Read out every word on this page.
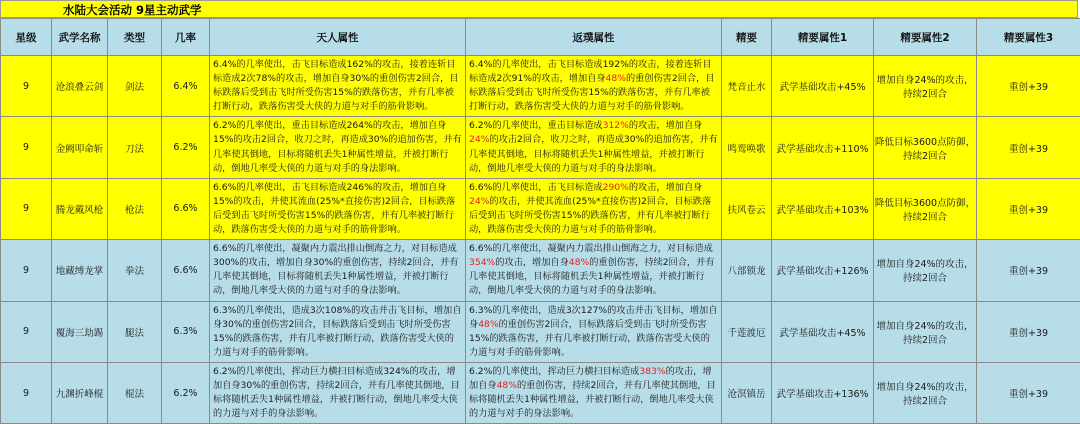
水陆大会活动 9星主动武学
星级	武学名称	类型	几率	天人属性	返璞属性	精要	精要属性1	精要属性2	精要属性3
9	沧浪叠云剑	剑法	6.4%	6.4%的几率使出，击飞目标造成162%的攻击，接着连斩目标造成2次78%的攻击，增加自身30%的重创伤害2回合，目标跌落后受到击飞时所受伤害15%的跌落伤害，并有几率被打断行动，跌落伤害受大侠的力道与对手的筋骨影响。	6.4%的几率使出，击飞目标造成192%的攻击，接着连斩目标造成2次91%的攻击，增加自身48%的重创伤害2回合，目标跌落后受到击飞时所受伤害15%的跌落伤害，并有几率被打断行动，跌落伤害受大侠的力道与对手的筋骨影响。	梵音止水	武学基础攻击+45%	增加自身24%的攻击，持续2回合	重创+39
9	金阙叩命斩	刀法	6.2%	6.2%的几率使出，重击目标造成264%的攻击，增加自身15%的攻击2回合，收刀之时，再造成30%的追加伤害，并有几率使其倒地，目标将随机丢失1种属性增益，并被打断行动，倒地几率受大侠的力道与对手的身法影响。	6.2%的几率使出，重击目标造成312%的攻击，增加自身24%的攻击2回合，收刀之时，再造成30%的追加伤害，并有几率使其倒地，目标将随机丢失1种属性增益，并被打断行动，倒地几率受大侠的力道与对手的身法影响。	鸣鸾唤歌	武学基础攻击+110%	降低目标3600点防御，持续2回合	重创+39
9	腾龙戴风枪	枪法	6.6%	6.6%的几率使出，击飞目标造成246%的攻击，增加自身15%的攻击，并使其流血(25%*直接伤害)2回合，目标跌落后受到击飞时所受伤害15%的跌落伤害，并有几率被打断行动，跌落伤害受大侠的力道与对手的筋骨影响。	6.6%的几率使出，击飞目标造成290%的攻击，增加自身24%的攻击，并使其流血(25%*直接伤害)2回合，目标跌落后受到击飞时所受伤害15%的跌落伤害，并有几率被打断行动，跌落伤害受大侠的力道与对手的筋骨影响。	扶风卷云	武学基础攻击+103%	降低目标3600点防御，持续2回合	重创+39
9	地藏缚龙掌	拳法	6.6%	6.6%的几率使出，凝聚内力震出排山倒海之力，对目标造成300%的攻击，增加自身30%的重创伤害，持续2回合，并有几率使其倒地，目标将随机丢失1种属性增益，并被打断行动，倒地几率受大侠的力道与对手的身法影响。	6.6%的几率使出，凝聚内力震出排山倒海之力，对目标造成354%的攻击，增加自身48%的重创伤害，持续2回合，并有几率使其倒地，目标将随机丢失1种属性增益，并被打断行动，倒地几率受大侠的力道与对手的身法影响。	八部锁龙	武学基础攻击+126%	增加自身24%的攻击，持续2回合	重创+39
9	覆海三劫踢	腿法	6.3%	6.3%的几率使出，造成3次108%的攻击并击飞目标，增加自身30%的重创伤害2回合，目标跌落后受到击飞时所受伤害15%的跌落伤害，并有几率被打断行动，跌落伤害受大侠的力道与对手的筋骨影响。	6.3%的几率使出，造成3次127%的攻击并击飞目标，增加自身48%的重创伤害2回合，目标跌落后受到击飞时所受伤害15%的跌落伤害，并有几率被打断行动，跌落伤害受大侠的力道与对手的筋骨影响。	千莲渡厄	武学基础攻击+45%	增加自身24%的攻击，持续2回合	重创+39
9	九渊折峰棍	棍法	6.2%	6.2%的几率使出，挥动巨力横扫目标造成324%的攻击，增加自身30%的重创伤害，持续2回合，并有几率使其倒地，目标将随机丢失1种属性增益，并被打断行动，倒地几率受大侠的力道与对手的身法影响。	6.2%的几率使出，挥动巨力横扫目标造成383%的攻击，增加自身48%的重创伤害，持续2回合，并有几率使其倒地，目标将随机丢失1种属性增益，并被打断行动，倒地几率受大侠的力道与对手的身法影响。	沧溟镇岳	武学基础攻击+136%	增加自身24%的攻击，持续2回合	重创+39
